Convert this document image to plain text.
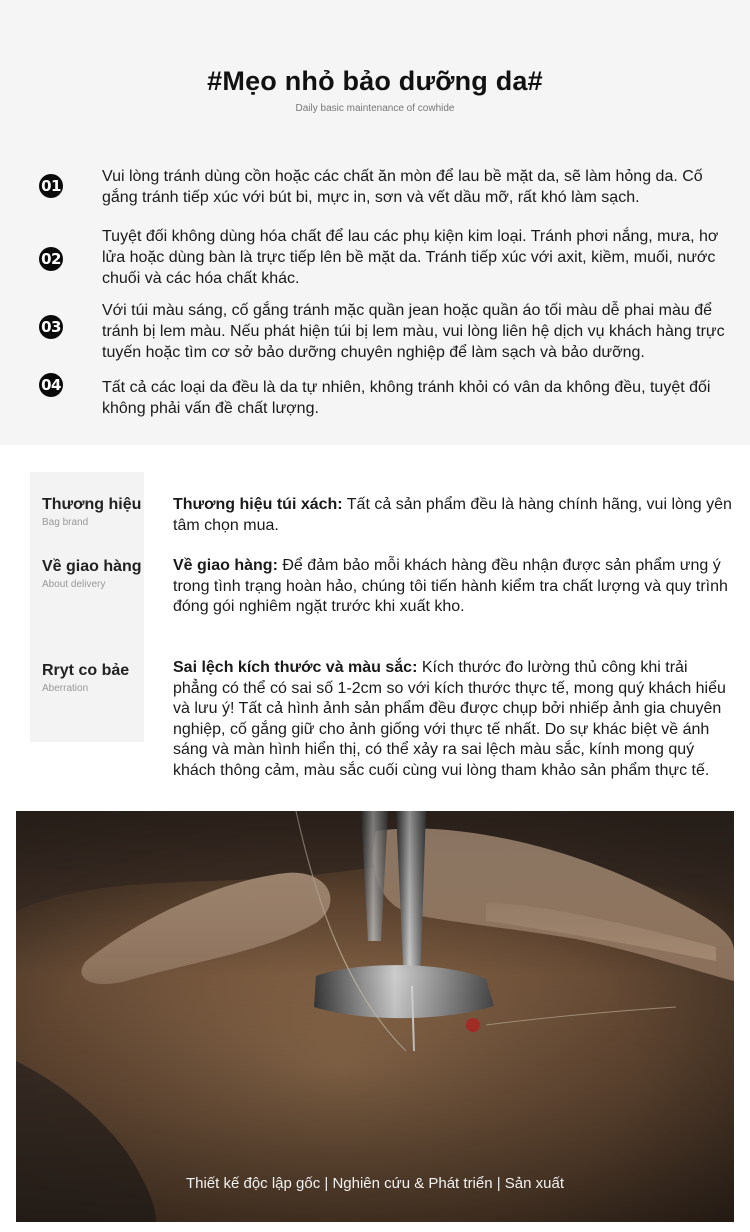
#Mẹo nhỏ bảo dưỡng da#
Daily basic maintenance of cowhide
01

Vui lòng tránh dùng cồn hoặc các chất ăn mòn để lau bề mặt da, sẽ làm hỏng da. Cố gắng tránh tiếp xúc với bút bi, mực in, sơn và vết dầu mỡ, rất khó làm sạch.

02

Tuyệt đối không dùng hóa chất để lau các phụ kiện kim loại. Tránh phơi nắng, mưa, hơ lửa hoặc dùng bàn là trực tiếp lên bề mặt da. Tránh tiếp xúc với axit, kiềm, muối, nước chuối và các hóa chất khác.

03

Với túi màu sáng, cố gắng tránh mặc quần jean hoặc quần áo tối màu dễ phai màu để tránh bị lem màu. Nếu phát hiện túi bị lem màu, vui lòng liên hệ dịch vụ khách hàng trực tuyến hoặc tìm cơ sở bảo dưỡng chuyên nghiệp để làm sạch và bảo dưỡng.

04	Tất cả các loại da đều là da tự nhiên, không tránh khỏi có vân da không đều, tuyệt đối không phải vấn đề chất lượng.

Thương hiệu
Bag brand
Về giao hàng
About delivery
Rryt co bảe
Aberration

Thương hiệu túi xách: Tất cả sản phẩm đều là hàng chính hãng, vui lòng yên tâm chọn mua.

Về giao hàng: Để đảm bảo mỗi khách hàng đều nhận được sản phẩm ưng ý trong tình trạng hoàn hảo, chúng tôi tiến hành kiểm tra chất lượng và quy trình đóng gói nghiêm ngặt trước khi xuất kho.

Sai lệch kích thước và màu sắc: Kích thước đo lường thủ công khi trải phẳng có thể có sai số 1-2cm so với kích thước thực tế, mong quý khách hiểu và lưu ý! Tất cả hình ảnh sản phẩm đều được chụp bởi nhiếp ảnh gia chuyên nghiệp, cố gắng giữ cho ảnh giống với thực tế nhất. Do sự khác biệt về ánh sáng và màn hình hiển thị, có thể xảy ra sai lệch màu sắc, kính mong quý khách thông cảm, màu sắc cuối cùng vui lòng tham khảo sản phẩm thực tế.

Thiết kế độc lập gốc | Nghiên cứu & Phát triển | Sản xuất
